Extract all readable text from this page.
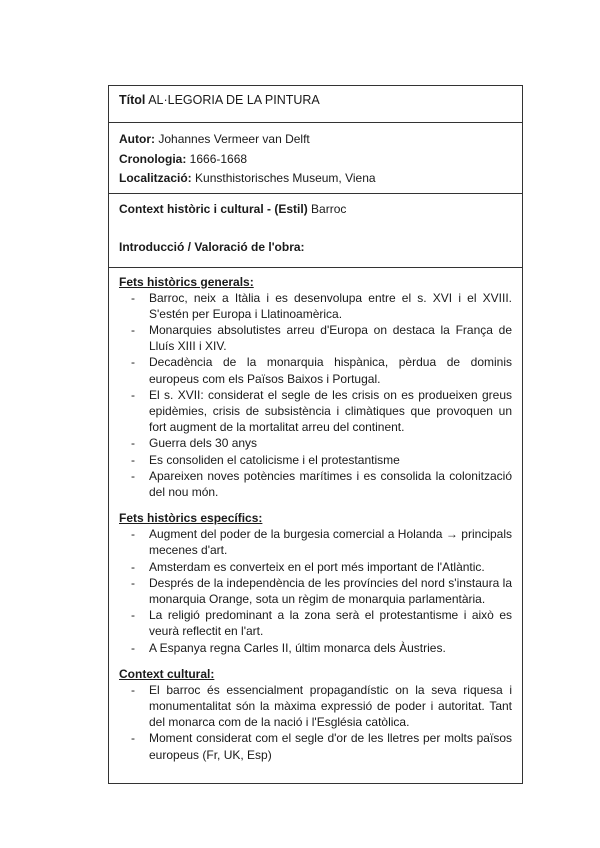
Títol AL·LEGORIA DE LA PINTURA
Autor: Johannes Vermeer van Delft
Cronologia: 1666-1668
Localització: Kunsthistorisches Museum, Viena
Context històric i cultural - (Estil) Barroc
Introducció / Valoració de l'obra:
Fets històrics generals:
- Barroc, neix a Itàlia i es desenvolupa entre el s. XVI i el XVIII. S'estén per Europa i Llatinoamèrica.
- Monarquies absolutistes arreu d'Europa on destaca la França de Lluís XIII i XIV.
- Decadència de la monarquia hispànica, pèrdua de dominis europeus com els Països Baixos i Portugal.
- El s. XVII: considerat el segle de les crisis on es produeixen greus epidèmies, crisis de subsistència i climàtiques que provoquen un fort augment de la mortalitat arreu del continent.
- Guerra dels 30 anys
- Es consoliden el catolicisme i el protestantisme
- Apareixen noves potències marítimes i es consolida la colonització del nou món.
Fets històrics específics:
- Augment del poder de la burgesia comercial a Holanda → principals mecenes d'art.
- Amsterdam es converteix en el port més important de l'Atlàntic.
- Després de la independència de les províncies del nord s'instaura la monarquia Orange, sota un règim de monarquia parlamentària.
- La religió predominant a la zona serà el protestantisme i això es veurà reflectit en l'art.
- A Espanya regna Carles II, últim monarca dels Àustries.
Context cultural:
- El barroc és essencialment propagandístic on la seva riquesa i monumentalitat són la màxima expressió de poder i autoritat. Tant del monarca com de la nació i l'Església catòlica.
- Moment considerat com el segle d'or de les lletres per molts països europeus (Fr, UK, Esp)
